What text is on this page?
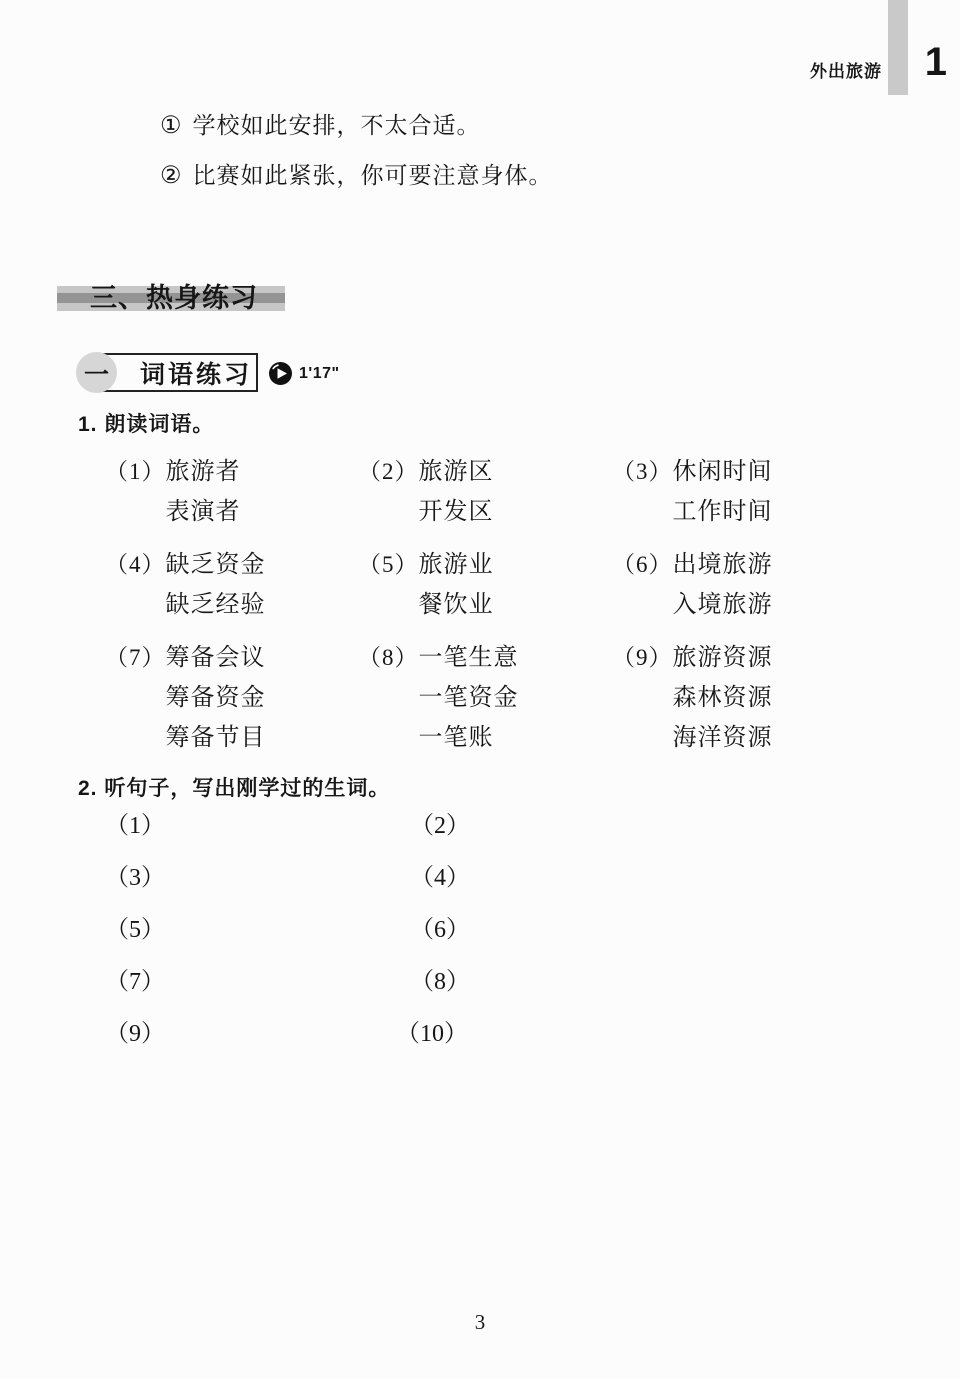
外出旅游 1
① 学校如此安排，不太合适。
② 比赛如此紧张，你可要注意身体。
三、热身练习
词语练习
一	1'17"
1. 朗读词语。
（1） 旅游者
表演者
（2） 旅游区
开发区
（3） 休闲时间
工作时间
（4） 缺乏资金
缺乏经验
（5） 旅游业
餐饮业
（6） 出境旅游
入境旅游
（7） 筹备会议
筹备资金
筹备节目
（8） 一笔生意
一笔资金
一笔账
（9） 旅游资源
森林资源
海洋资源
2. 听句子，写出刚学过的生词。
（1）	（2）
（3）	（4）
（5）	（6）
（7）	（8）
（9）	（10）
3
